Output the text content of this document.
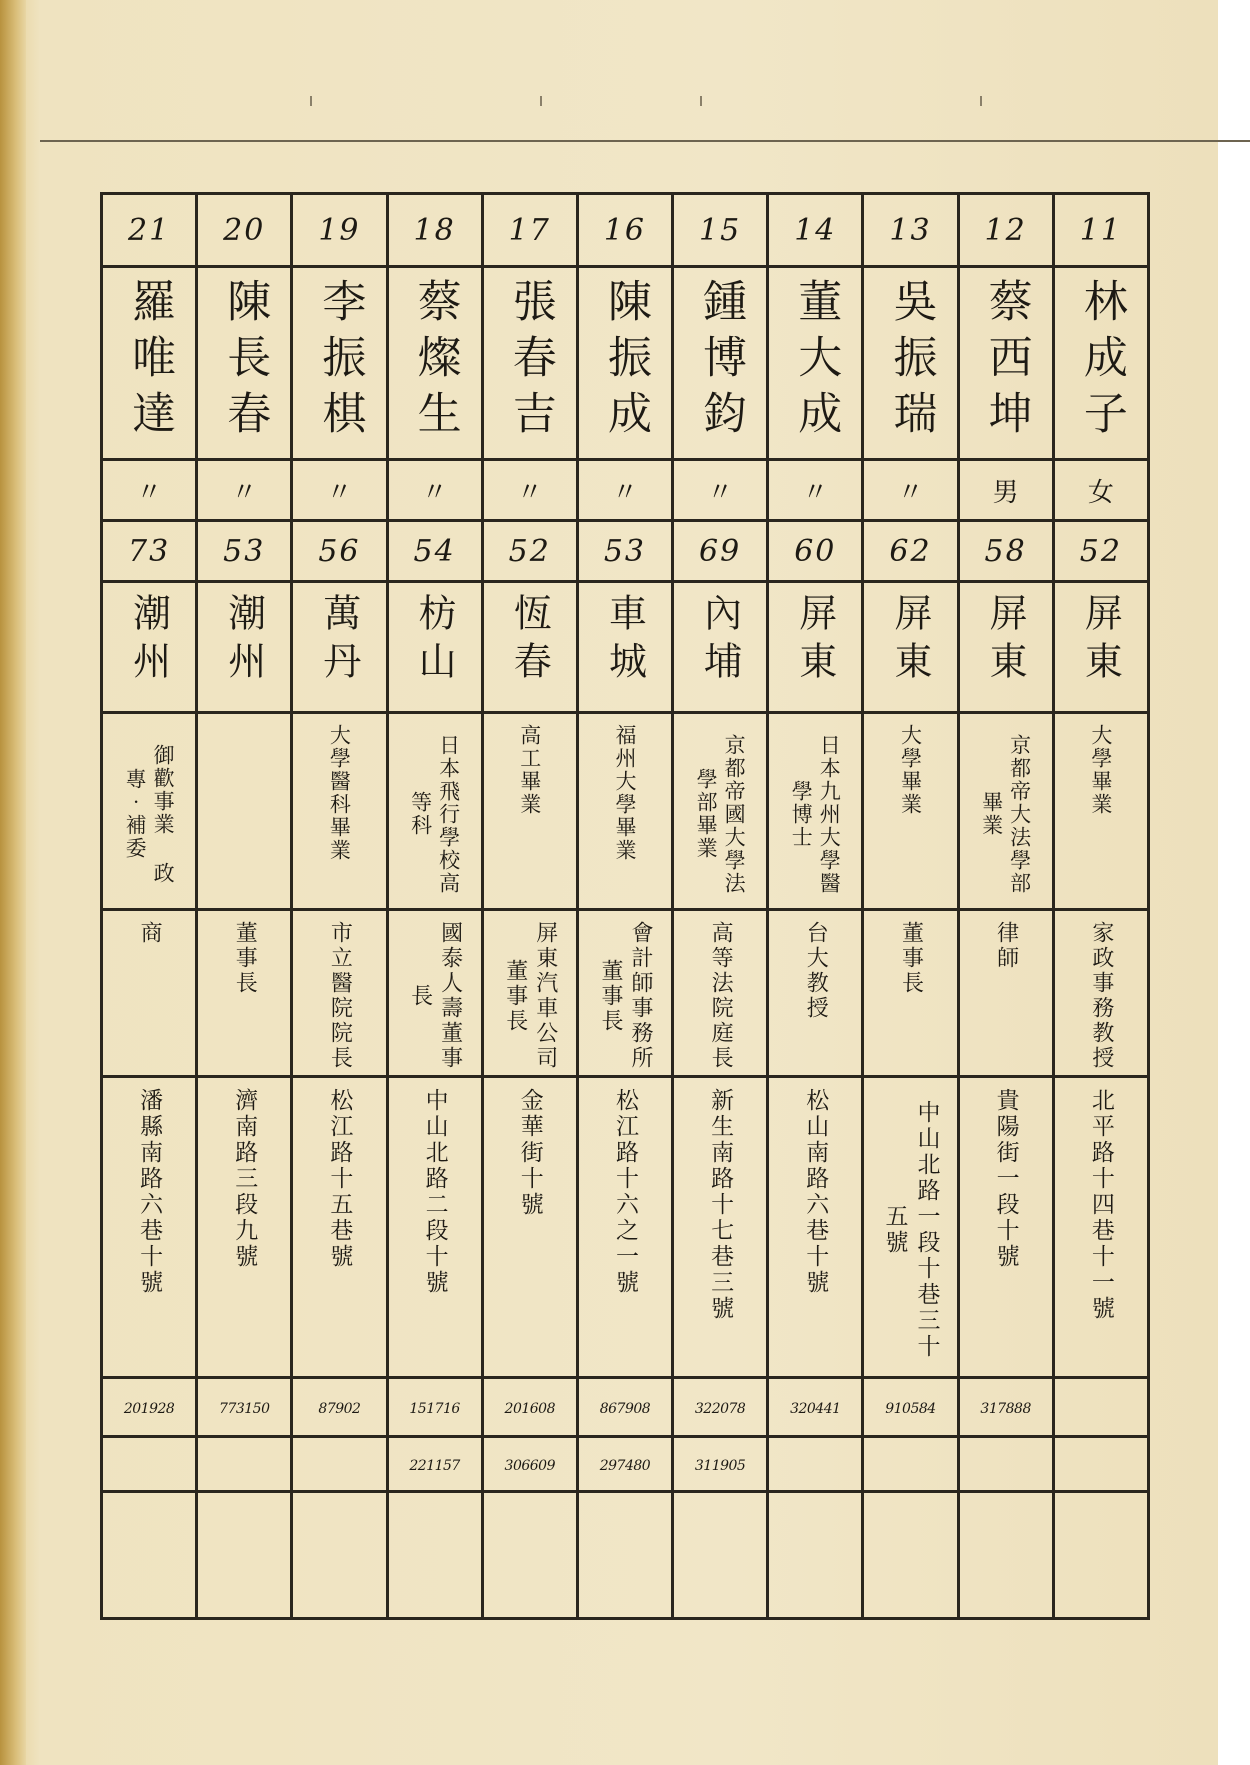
21	20	19	18	17	16	15	14	13	12	11
羅唯達	陳長春	李振棋	蔡燦生	張春吉	陳振成	鍾博鈞	董大成	吳振瑞	蔡西坤	林成子
〃	〃	〃	〃	〃	〃	〃	〃	〃	男	女
73	53	56	54	52	53	69	60	62	58	52
潮州	潮州	萬丹	枋山	恆春	車城	內埔	屏東	屏東	屏東	屏東
御歡事業 政專‧補委		大學醫科畢業	日本飛行學校高等科	高工畢業	福州大學畢業	京都帝國大學法學部畢業	日本九州大學醫學博士	大學畢業	京都帝大法學部畢業	大學畢業
商	董事長	市立醫院院長	國泰人壽董事長	屏東汽車公司董事長	會計師事務所董事長	高等法院庭長	台大教授	董事長	律師	家政事務教授
潘縣南路六巷十號	濟南路三段九號	松江路十五巷號	中山北路二段十號	金華街十號	松江路十六之一號	新生南路十七巷三號	松山南路六巷十號	中山北路一段十巷三十五號	貴陽街一段十號	北平路十四巷十一號
201928	773150	87902	151716	201608	867908	322078	320441	910584	317888	
			221157	306609	297480	311905				
